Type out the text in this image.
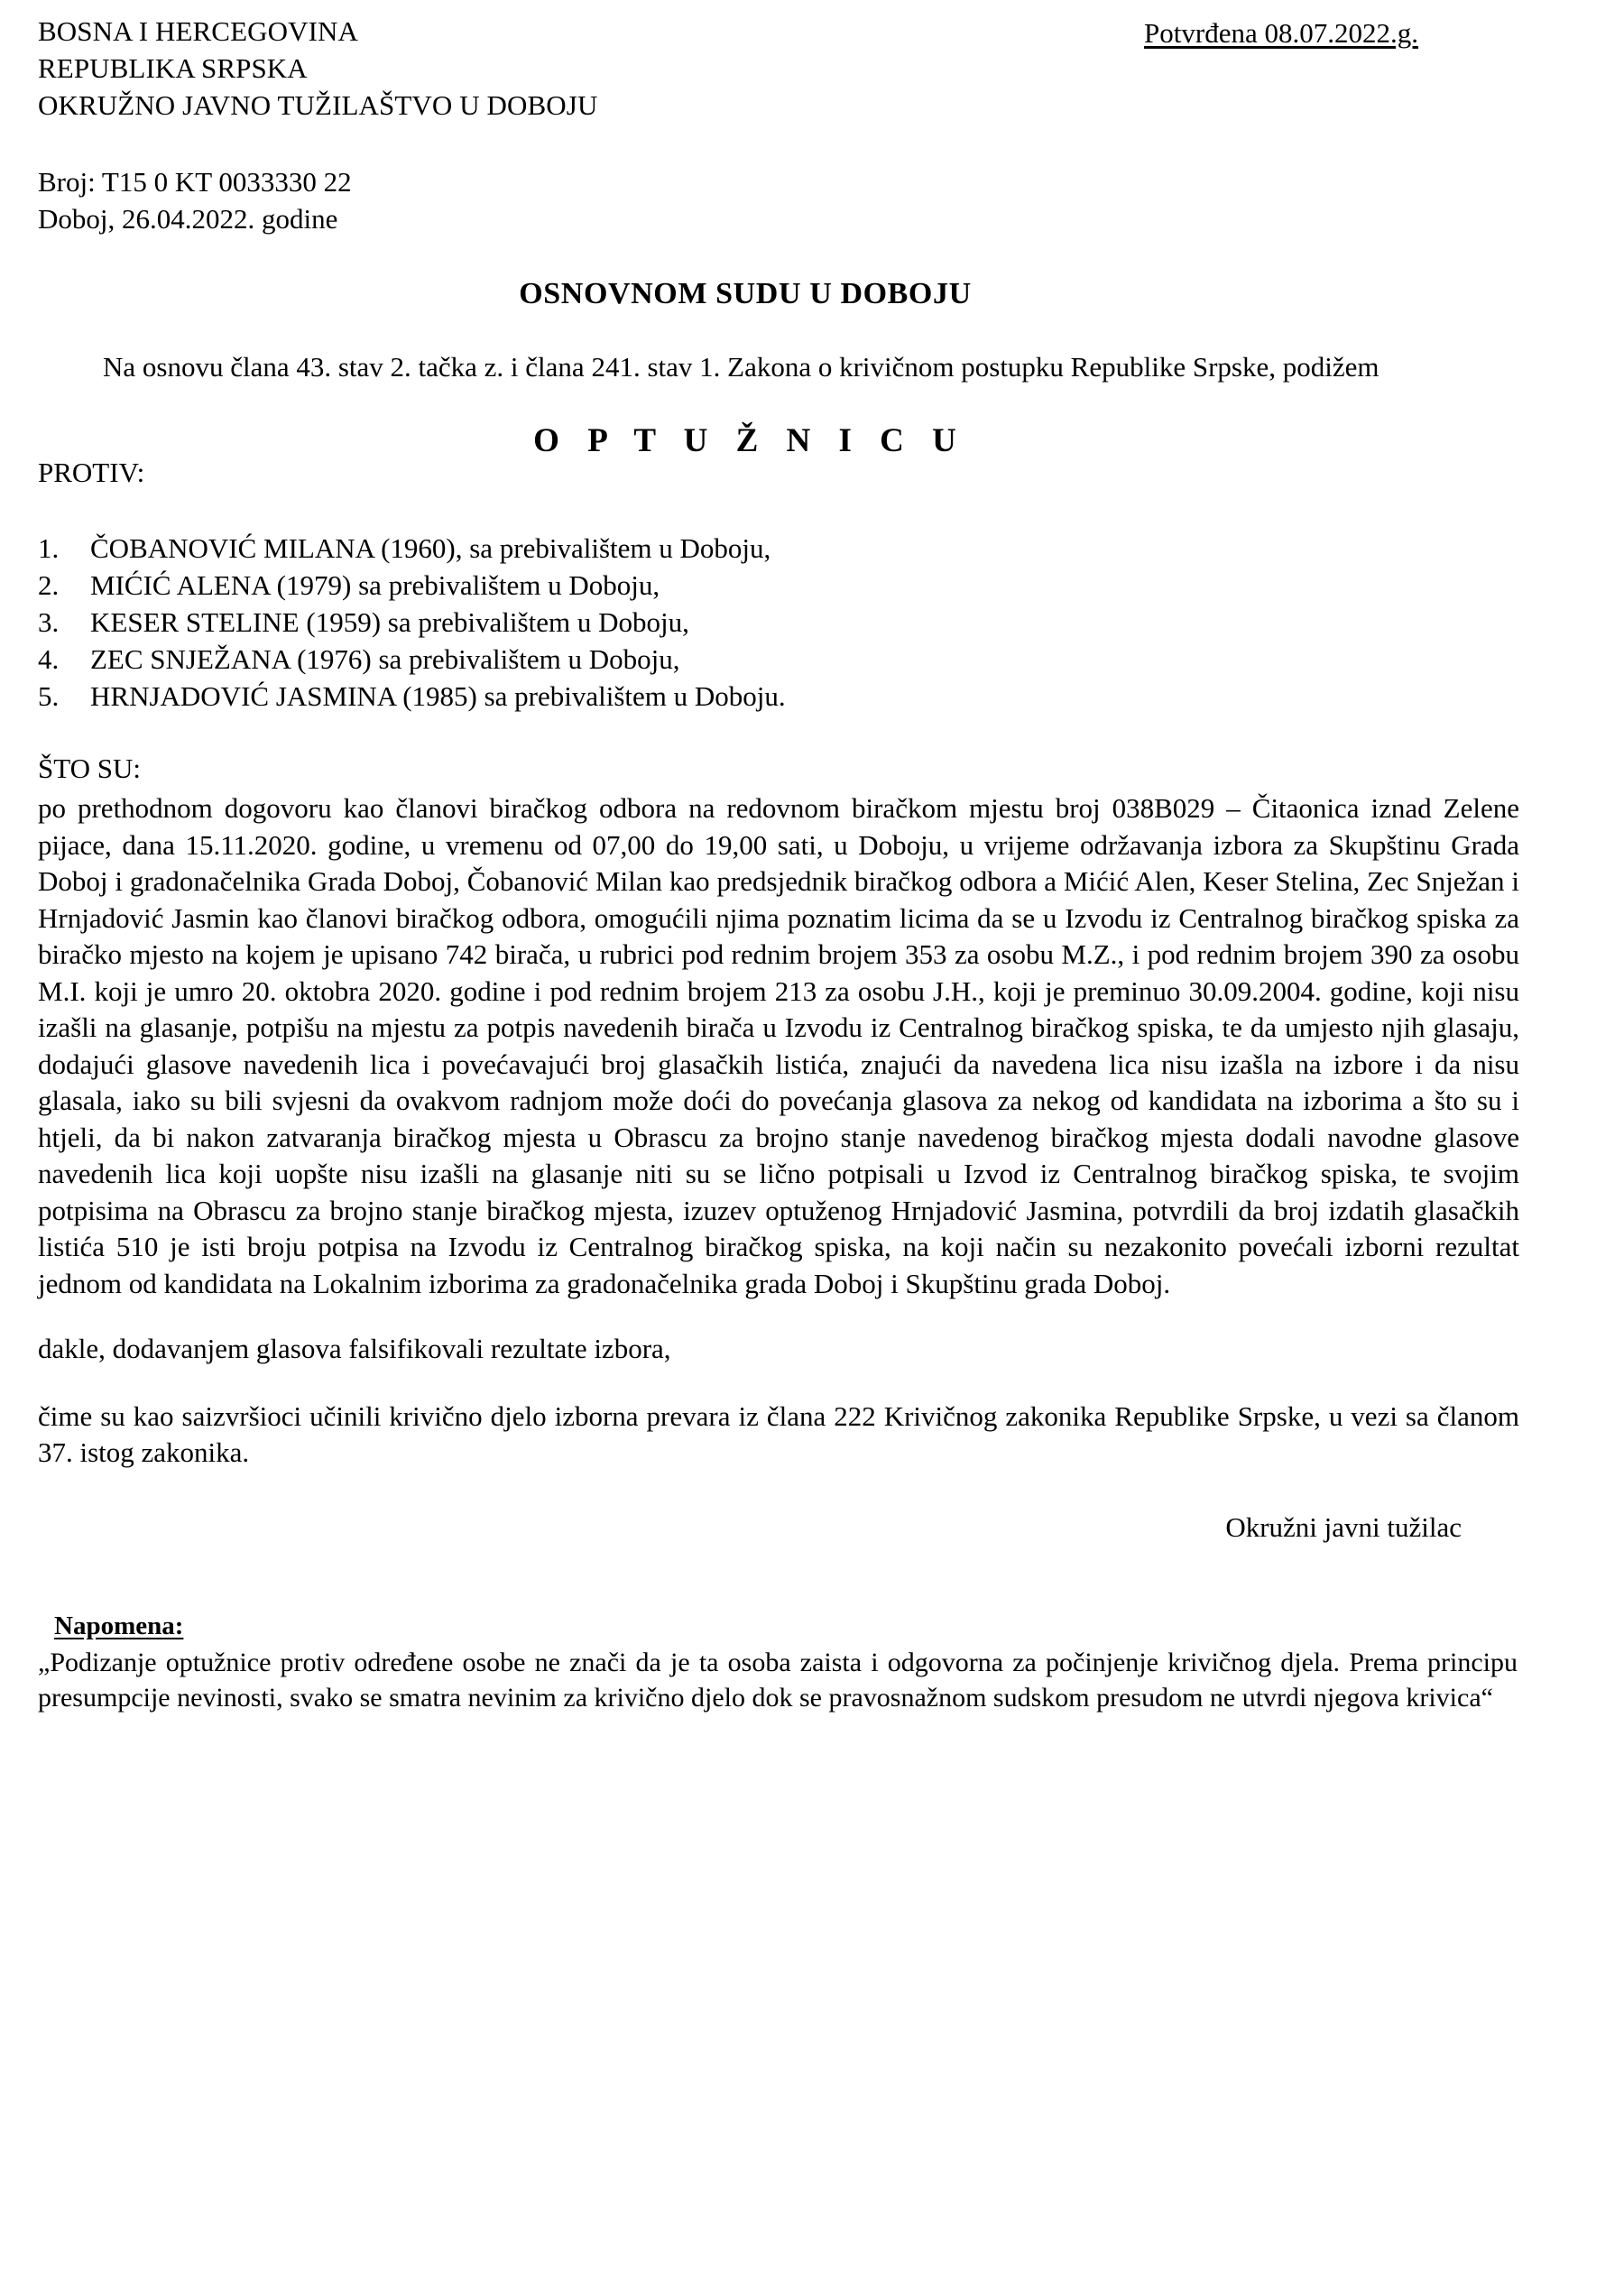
BOSNA I HERCEGOVINA
REPUBLIKA SRPSKA
OKRUŽNO JAVNO TUŽILAŠTVO U DOBOJU
Potvrđena 08.07.2022.g.
Broj: T15 0 KT 0033330 22
Doboj, 26.04.2022. godine
OSNOVNOM SUDU U DOBOJU
Na osnovu člana 43. stav 2. tačka z. i člana 241. stav 1. Zakona o krivičnom postupku Republike Srpske, podižem
O P T U Ž N I C U
PROTIV:
1.	ČOBANOVIĆ MILANA (1960), sa prebivalištem u Doboju,
2.	MIĆIĆ ALENA (1979) sa prebivalištem u Doboju,
3.	KESER STELINE (1959) sa prebivalištem u Doboju,
4.	ZEC SNJEŽANA (1976) sa prebivalištem u Doboju,
5.	HRNJADOVIĆ JASMINA (1985) sa prebivalištem u Doboju.
ŠTO SU:
po prethodnom dogovoru kao članovi biračkog odbora na redovnom biračkom mjestu broj 038B029 – Čitaonica iznad Zelene pijace, dana 15.11.2020. godine, u vremenu od 07,00 do 19,00 sati, u Doboju, u vrijeme održavanja izbora za Skupštinu Grada Doboj i gradonačelnika Grada Doboj, Čobanović Milan kao predsjednik biračkog odbora a Mićić Alen, Keser Stelina, Zec Snježan i Hrnjadović Jasmin kao članovi biračkog odbora, omogućili njima poznatim licima da se u Izvodu iz Centralnog biračkog spiska za biračko mjesto na kojem je upisano 742 birača, u rubrici pod rednim brojem 353 za osobu M.Z., i pod rednim brojem 390 za osobu M.I. koji je umro 20. oktobra 2020. godine i pod rednim brojem 213 za osobu J.H., koji je preminuo 30.09.2004. godine, koji nisu izašli na glasanje, potpišu na mjestu za potpis navedenih birača u Izvodu iz Centralnog biračkog spiska, te da umjesto njih glasaju, dodajući glasove navedenih lica i povećavajući broj glasačkih listića, znajući da navedena lica nisu izašla na izbore i da nisu glasala, iako su bili svjesni da ovakvom radnjom može doći do povećanja glasova za nekog od kandidata na izborima a što su i htjeli, da bi nakon zatvaranja biračkog mjesta u Obrascu za brojno stanje navedenog biračkog mjesta dodali navodne glasove navedenih lica koji uopšte nisu izašli na glasanje niti su se lično potpisali u Izvod iz Centralnog biračkog spiska, te svojim potpisima na Obrascu za brojno stanje biračkog mjesta, izuzev optuženog Hrnjadović Jasmina, potvrdili da broj izdatih glasačkih listića 510 je isti broju potpisa na Izvodu iz Centralnog biračkog spiska, na koji način su nezakonito povećali izborni rezultat jednom od kandidata na Lokalnim izborima za gradonačelnika grada Doboj i Skupštinu grada Doboj.
dakle, dodavanjem glasova falsifikovali rezultate izbora,
čime su kao saizvršioci učinili krivično djelo izborna prevara iz člana 222 Krivičnog zakonika Republike Srpske, u vezi sa članom 37. istog zakonika.
Okružni javni tužilac
Napomena:
„Podizanje optužnice protiv određene osobe ne znači da je ta osoba zaista i odgovorna za počinjenje krivičnog djela. Prema principu presumpcije nevinosti, svako se smatra nevinim za krivično djelo dok se pravosnažnom sudskom presudom ne utvrdi njegova krivica“
